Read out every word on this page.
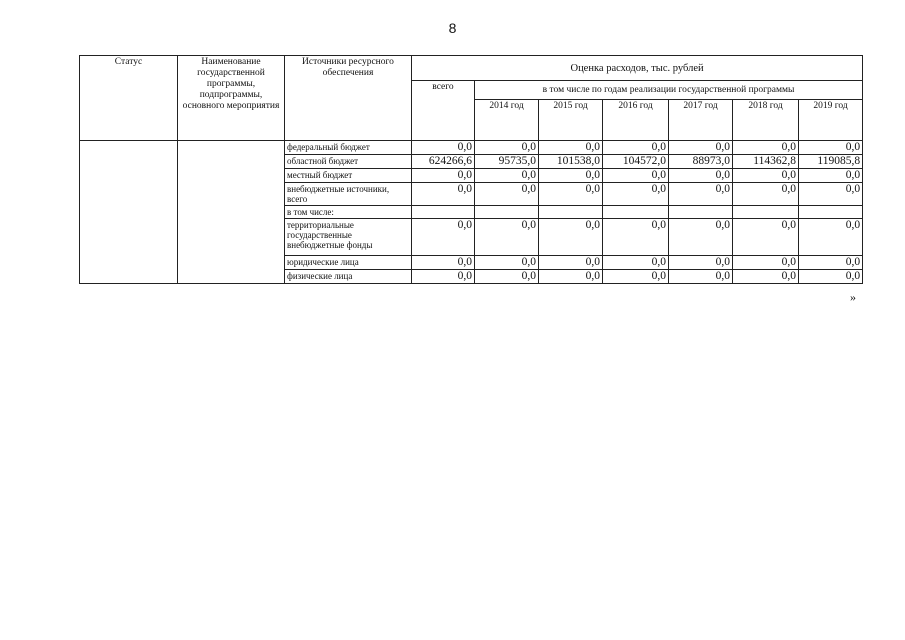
8
Статус	Наименование государственной программы, подпрограммы, основного мероприятия	Источники ресурсного обеспечения	Оценка расходов, тыс. рублей						
			всего	в том числе по годам реализации государственной программы					
				2014 год	2015 год	2016 год	2017 год	2018 год	2019 год
		федеральный бюджет	0,0	0,0	0,0	0,0	0,0	0,0	0,0
		областной бюджет	624266,6	95735,0	101538,0	104572,0	88973,0	114362,8	119085,8
		местный бюджет	0,0	0,0	0,0	0,0	0,0	0,0	0,0
		внебюджетные источники, всего	0,0	0,0	0,0	0,0	0,0	0,0	0,0
		в том числе:							
		территориальные государственные внебюджетные фонды	0,0	0,0	0,0	0,0	0,0	0,0	0,0
		юридические лица	0,0	0,0	0,0	0,0	0,0	0,0	0,0
		физические лица	0,0	0,0	0,0	0,0	0,0	0,0	0,0
»
